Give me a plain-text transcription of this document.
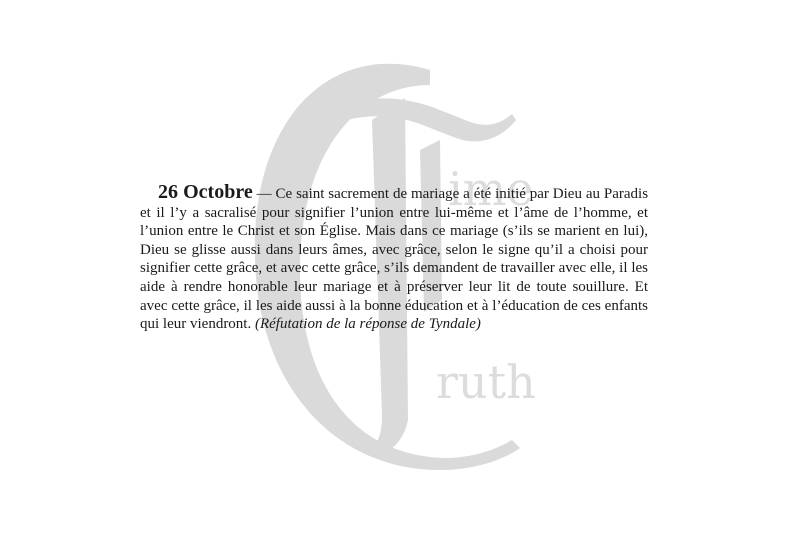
ime
ruth

26 Octobre — Ce saint sacrement de mariage a été initié par Dieu au Paradis et il l’y a sacralisé pour signifier l’union entre lui-même et l’âme de l’homme, et l’union entre le Christ et son Église. Mais dans ce mariage (s’ils se marient en lui), Dieu se glisse aussi dans leurs âmes, avec grâce, selon le signe qu’il a choisi pour signifier cette grâce, et avec cette grâce, s’ils demandent de travailler avec elle, il les aide à rendre honorable leur mariage et à préserver leur lit de toute souillure. Et avec cette grâce, il les aide aussi à la bonne éducation et à l’éducation de ces enfants qui leur viendront. (Réfutation de la réponse de Tyndale)
